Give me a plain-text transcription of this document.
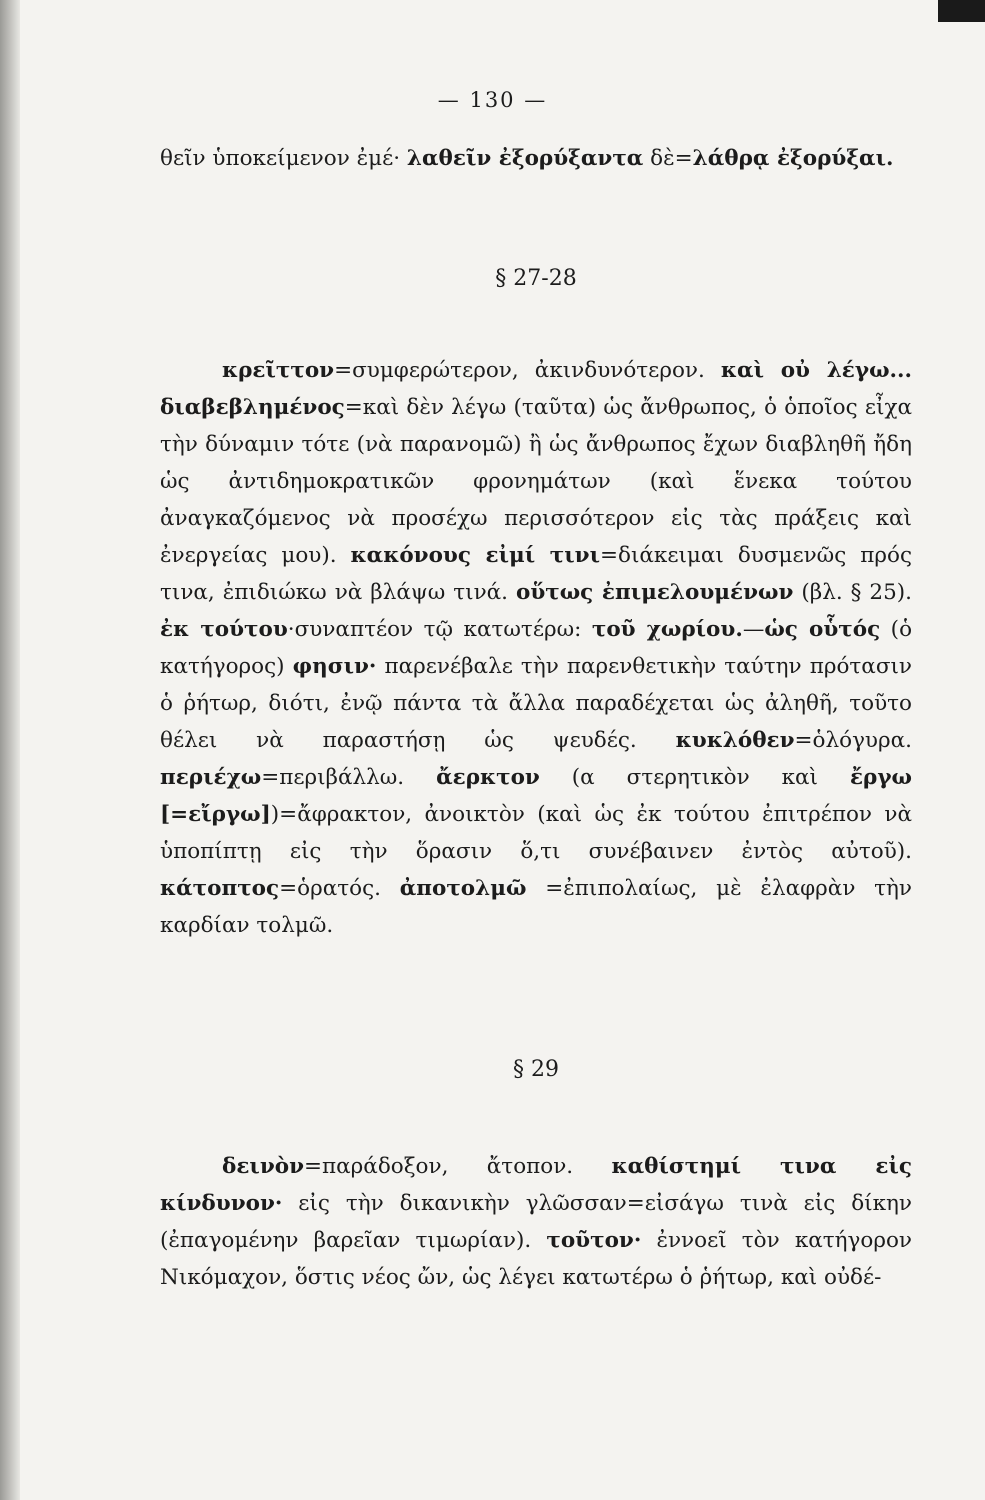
— 130 —

θεῖν ὑποκείμενον ἐμέ· λαθεῖν ἐξορύξαντα δὲ=λάθρᾳ ἐξορύξαι.

§ 27-28

κρεῖττον=συμφερώτερον, ἀκινδυνότερον. καὶ οὐ λέγω... διαβεβλημένος=καὶ δὲν λέγω (ταῦτα) ὡς ἄνθρωπος, ὁ ὁποῖος εἶχα τὴν δύναμιν τότε (νὰ παρανομῶ) ἢ ὡς ἄνθρωπος ἔχων διαβληθῆ ἤδη ὡς ἀντιδημοκρατικῶν φρονημάτων (καὶ ἕνεκα τούτου ἀναγκαζόμενος νὰ προσέχω περισσότερον εἰς τὰς πράξεις καὶ ἐνεργείας μου). κακόνους εἰμί τινι=διάκειμαι δυσμενῶς πρός τινα, ἐπιδιώκω νὰ βλάψω τινά. οὕτως ἐπιμελουμένων (βλ. § 25). ἐκ τούτου·συναπτέον τῷ κατωτέρω: τοῦ χωρίου.—ὡς οὗτός (ὁ κατήγορος) φησιν· παρενέβαλε τὴν παρενθετικὴν ταύτην πρότασιν ὁ ῥήτωρ, διότι, ἐνῷ πάντα τὰ ἄλλα παραδέχεται ὡς ἀληθῆ, τοῦτο θέλει νὰ παραστήσῃ ὡς ψευδές. κυκλόθεν=ὁλόγυρα. περιέχω=περιβάλλω. ἄερκτον (α στερητικὸν καὶ ἔργω [=εἴργω])=ἄφρακτον, ἀνοικτὸν (καὶ ὡς ἐκ τούτου ἐπιτρέπον νὰ ὑποπίπτῃ εἰς τὴν ὅρασιν ὅ,τι συνέβαινεν ἐντὸς αὐτοῦ). κάτοπτος=ὁρατός. ἀποτολμῶ =ἐπιπολαίως, μὲ ἐλαφρὰν τὴν καρδίαν τολμῶ.

§ 29

δεινὸν=παράδοξον, ἄτοπον. καθίστημί τινα εἰς κίνδυνον· εἰς τὴν δικανικὴν γλῶσσαν=εἰσάγω τινὰ εἰς δίκην (ἐπαγομένην βαρεῖαν τιμωρίαν). τοῦτον· ἐννοεῖ τὸν κατήγορον Νικόμαχον, ὅστις νέος ὤν, ὡς λέγει κατωτέρω ὁ ῥήτωρ, καὶ οὐδέ-
